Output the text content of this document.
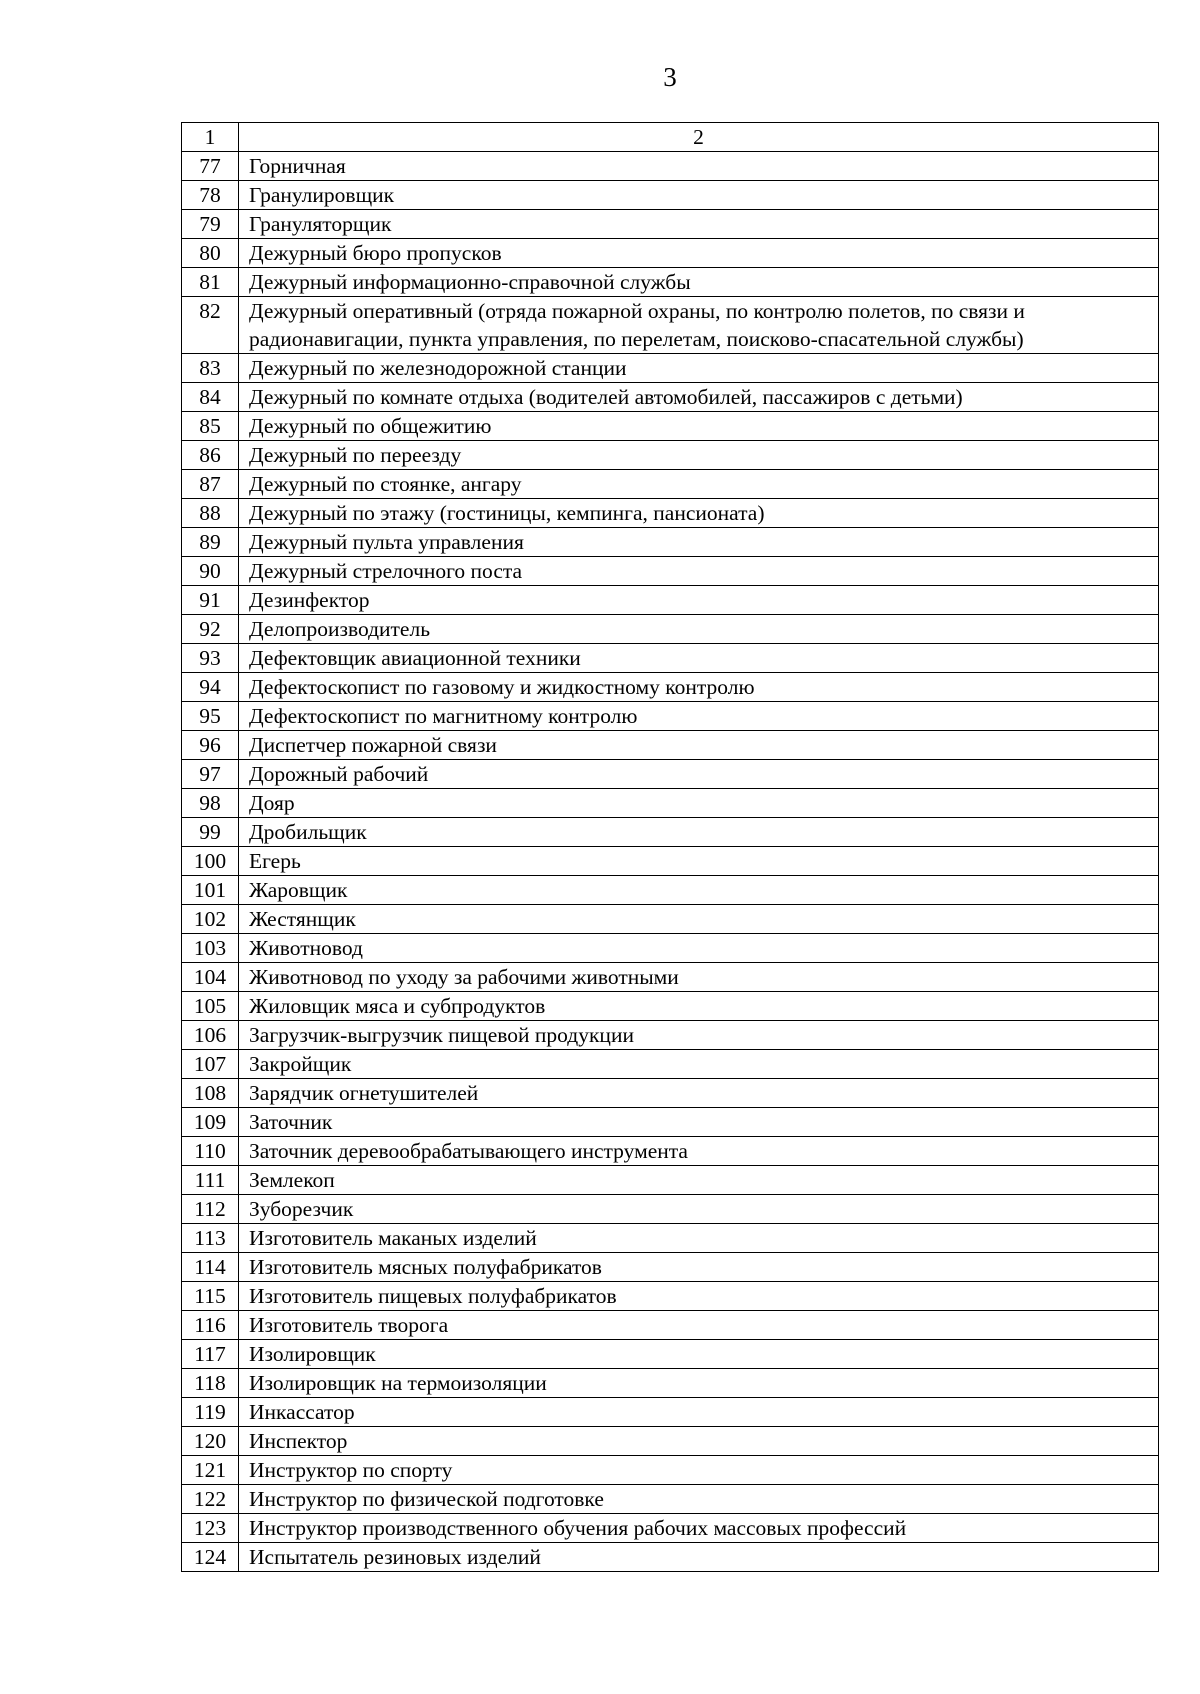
3
1	2
77	Горничная
78	Гранулировщик
79	Грануляторщик
80	Дежурный бюро пропусков
81	Дежурный информационно-справочной службы
82	Дежурный оперативный (отряда пожарной охраны, по контролю полетов, по связи и радионавигации, пункта управления, по перелетам, поисково-спасательной службы)
83	Дежурный по железнодорожной станции
84	Дежурный по комнате отдыха (водителей автомобилей, пассажиров с детьми)
85	Дежурный по общежитию
86	Дежурный по переезду
87	Дежурный по стоянке, ангару
88	Дежурный по этажу (гостиницы, кемпинга, пансионата)
89	Дежурный пульта управления
90	Дежурный стрелочного поста
91	Дезинфектор
92	Делопроизводитель
93	Дефектовщик авиационной техники
94	Дефектоскопист по газовому и жидкостному контролю
95	Дефектоскопист по магнитному контролю
96	Диспетчер пожарной связи
97	Дорожный рабочий
98	Дояр
99	Дробильщик
100	Егерь
101	Жаровщик
102	Жестянщик
103	Животновод
104	Животновод по уходу за рабочими животными
105	Жиловщик мяса и субпродуктов
106	Загрузчик-выгрузчик пищевой продукции
107	Закройщик
108	Зарядчик огнетушителей
109	Заточник
110	Заточник деревообрабатывающего инструмента
111	Землекоп
112	Зуборезчик
113	Изготовитель маканых изделий
114	Изготовитель мясных полуфабрикатов
115	Изготовитель пищевых полуфабрикатов
116	Изготовитель творога
117	Изолировщик
118	Изолировщик на термоизоляции
119	Инкассатор
120	Инспектор
121	Инструктор по спорту
122	Инструктор по физической подготовке
123	Инструктор производственного обучения рабочих массовых профессий
124	Испытатель резиновых изделий
